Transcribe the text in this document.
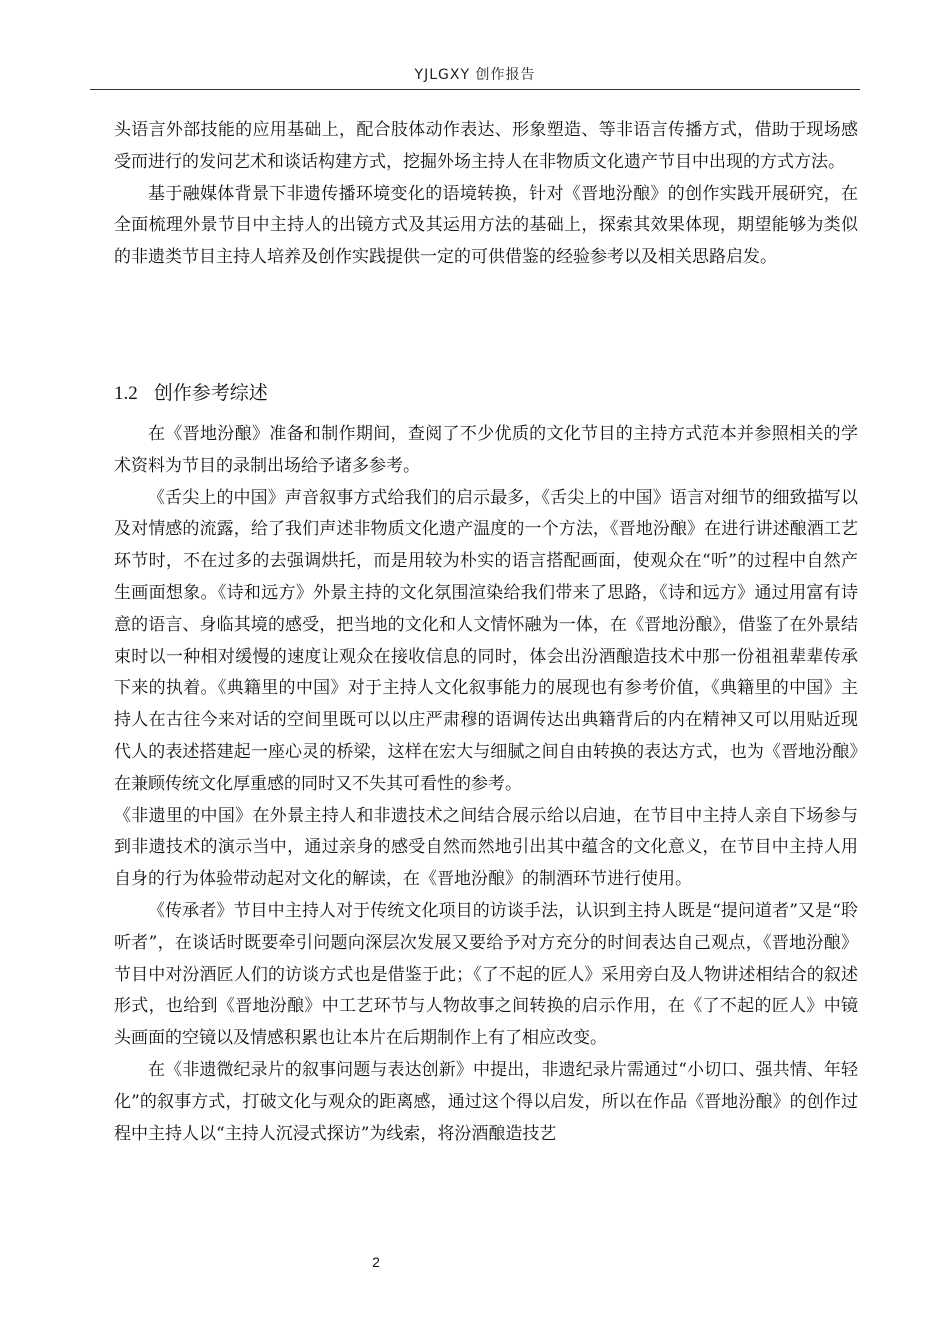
YJLGXY 创作报告

头语言外部技能的应用基础上，配合肢体动作表达、形象塑造、等非语言传播方式，借助于现场感受而进行的发问艺术和谈话构建方式，挖掘外场主持人在非物质文化遗产节目中出现的方式方法。

基于融媒体背景下非遗传播环境变化的语境转换，针对《晋地汾酿》的创作实践开展研究，在全面梳理外景节目中主持人的出镜方式及其运用方法的基础上，探索其效果体现，期望能够为类似的非遗类节目主持人培养及创作实践提供一定的可供借鉴的经验参考以及相关思路启发。

1.2 创作参考综述

在《晋地汾酿》准备和制作期间，查阅了不少优质的文化节目的主持方式范本并参照相关的学术资料为节目的录制出场给予诸多参考。

《舌尖上的中国》声音叙事方式给我们的启示最多，《舌尖上的中国》语言对细节的细致描写以及对情感的流露，给了我们声述非物质文化遗产温度的一个方法，《晋地汾酿》在进行讲述酿酒工艺环节时，不在过多的去强调烘托，而是用较为朴实的语言搭配画面，使观众在“听”的过程中自然产生画面想象。《诗和远方》外景主持的文化氛围渲染给我们带来了思路，《诗和远方》通过用富有诗意的语言、身临其境的感受，把当地的文化和人文情怀融为一体，在《晋地汾酿》，借鉴了在外景结束时以一种相对缓慢的速度让观众在接收信息的同时，体会出汾酒酿造技术中那一份祖祖辈辈传承下来的执着。《典籍里的中国》对于主持人文化叙事能力的展现也有参考价值，《典籍里的中国》主持人在古往今来对话的空间里既可以以庄严肃穆的语调传达出典籍背后的内在精神又可以用贴近现代人的表述搭建起一座心灵的桥梁，这样在宏大与细腻之间自由转换的表达方式，也为《晋地汾酿》在兼顾传统文化厚重感的同时又不失其可看性的参考。

《非遗里的中国》在外景主持人和非遗技术之间结合展示给以启迪，在节目中主持人亲自下场参与到非遗技术的演示当中，通过亲身的感受自然而然地引出其中蕴含的文化意义，在节目中主持人用自身的行为体验带动起对文化的解读，在《晋地汾酿》的制酒环节进行使用。

《传承者》节目中主持人对于传统文化项目的访谈手法，认识到主持人既是“提问道者”又是“聆听者”，在谈话时既要牵引问题向深层次发展又要给予对方充分的时间表达自己观点，《晋地汾酿》节目中对汾酒匠人们的访谈方式也是借鉴于此；《了不起的匠人》采用旁白及人物讲述相结合的叙述形式，也给到《晋地汾酿》中工艺环节与人物故事之间转换的启示作用，在《了不起的匠人》中镜头画面的空镜以及情感积累也让本片在后期制作上有了相应改变。

在《非遗微纪录片的叙事问题与表达创新》中提出，非遗纪录片需通过“小切口、强共情、年轻化”的叙事方式，打破文化与观众的距离感，通过这个得以启发，所以在作品《晋地汾酿》的创作过程中主持人以“主持人沉浸式探访”为线索，将汾酒酿造技艺

2
